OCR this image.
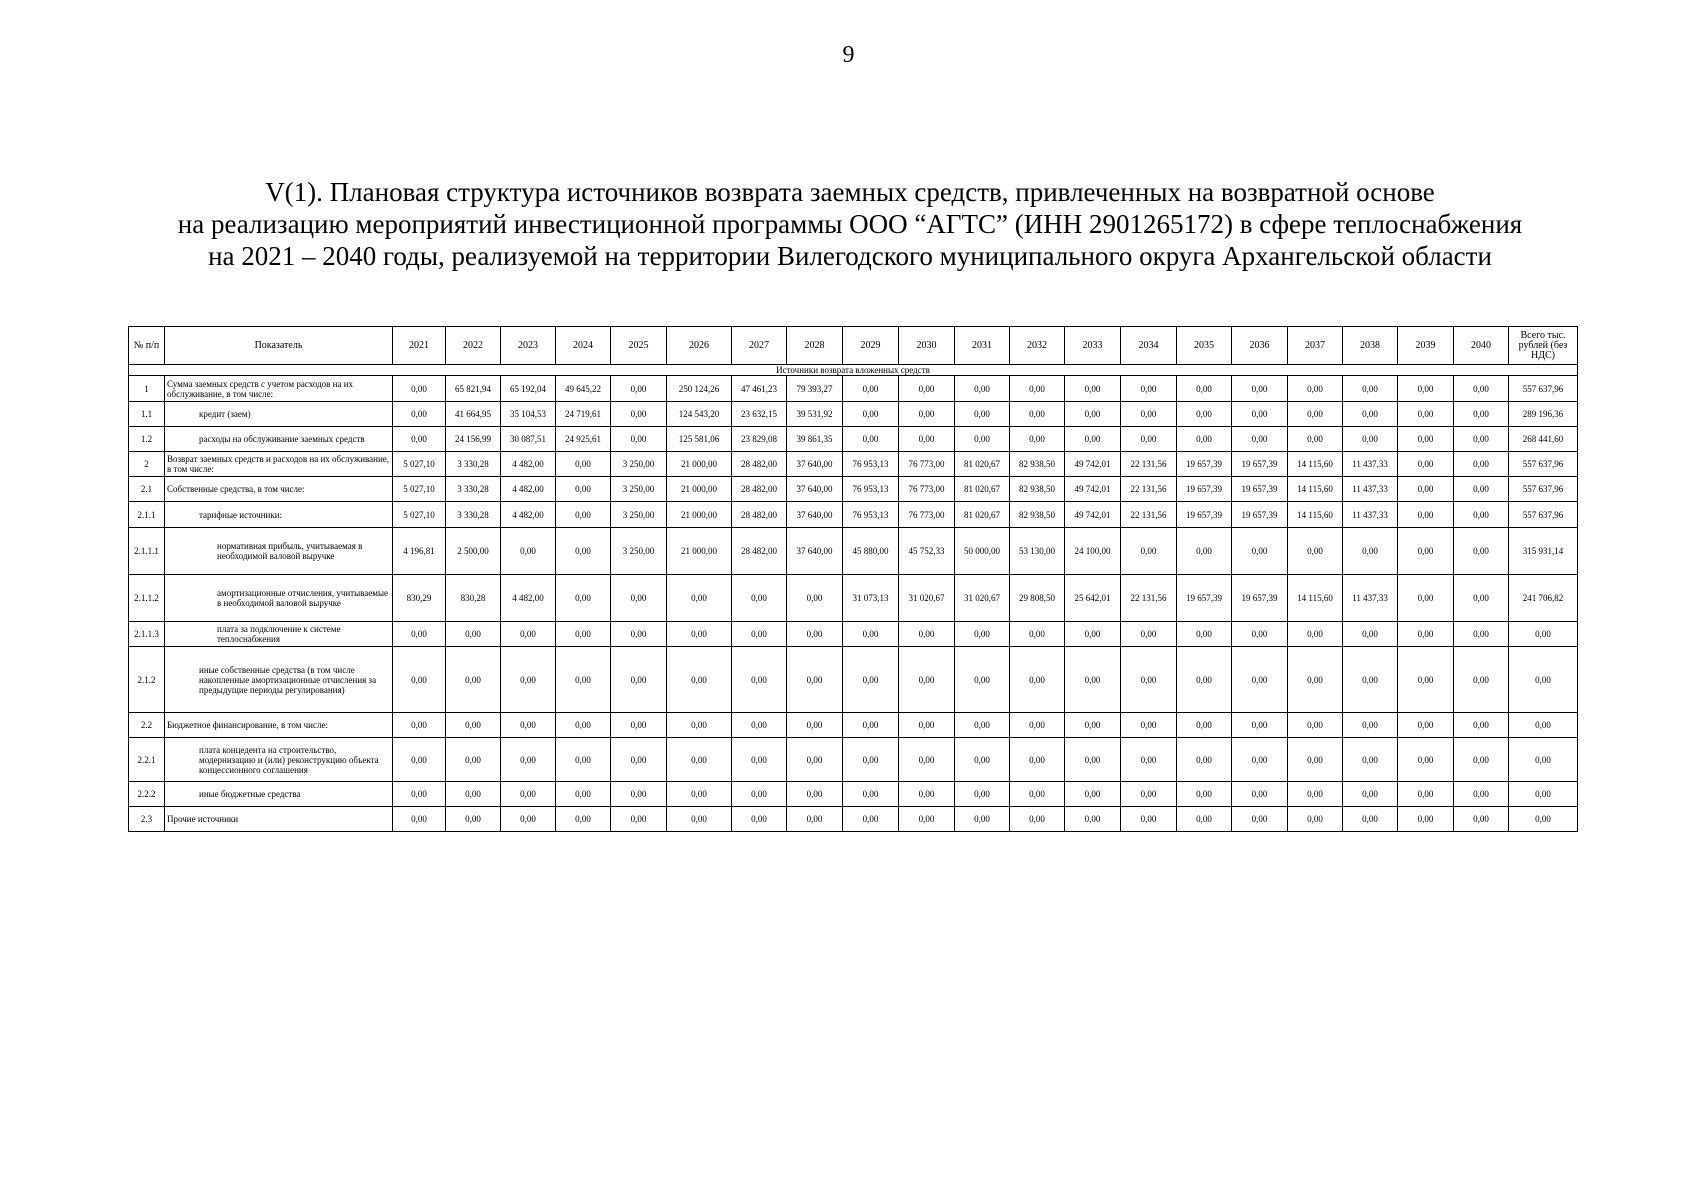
9
V(1). Плановая структура источников возврата заемных средств, привлеченных на возвратной основе
на реализацию мероприятий инвестиционной программы ООО “АГТС” (ИНН 2901265172) в сфере теплоснабжения
на 2021 – 2040 годы, реализуемой на территории Вилегодского муниципального округа Архангельской области
№ п/п	Показатель	2021	2022	2023	2024	2025	2026	2027	2028	2029	2030	2031	2032	2033	2034	2035	2036	2037	2038	2039	2040	Всего тыс. рублей (без НДС)
Источники возврата вложенных средств																						
1	Сумма заемных средств с учетом расходов на их обслуживание, в том числе:	0,00	65 821,94	65 192,04	49 645,22	0,00	250 124,26	47 461,23	79 393,27	0,00	0,00	0,00	0,00	0,00	0,00	0,00	0,00	0,00	0,00	0,00	0,00	557 637,96
1.1	кредит (заем)	0,00	41 664,95	35 104,53	24 719,61	0,00	124 543,20	23 632,15	39 531,92	0,00	0,00	0,00	0,00	0,00	0,00	0,00	0,00	0,00	0,00	0,00	0,00	289 196,36
1.2	расходы на обслуживание заемных средств	0,00	24 156,99	30 087,51	24 925,61	0,00	125 581,06	23 829,08	39 861,35	0,00	0,00	0,00	0,00	0,00	0,00	0,00	0,00	0,00	0,00	0,00	0,00	268 441,60
2	Возврат заемных средств и расходов на их обслуживание, в том числе:	5 027,10	3 330,28	4 482,00	0,00	3 250,00	21 000,00	28 482,00	37 640,00	76 953,13	76 773,00	81 020,67	82 938,50	49 742,01	22 131,56	19 657,39	19 657,39	14 115,60	11 437,33	0,00	0,00	557 637,96
2.1	Собственные средства, в том числе:	5 027,10	3 330,28	4 482,00	0,00	3 250,00	21 000,00	28 482,00	37 640,00	76 953,13	76 773,00	81 020,67	82 938,50	49 742,01	22 131,56	19 657,39	19 657,39	14 115,60	11 437,33	0,00	0,00	557 637,96
2.1.1	тарифные источники:	5 027,10	3 330,28	4 482,00	0,00	3 250,00	21 000,00	28 482,00	37 640,00	76 953,13	76 773,00	81 020,67	82 938,50	49 742,01	22 131,56	19 657,39	19 657,39	14 115,60	11 437,33	0,00	0,00	557 637,96
2.1.1.1	нормативная прибыль, учитываемая в необходимой валовой выручке	4 196,81	2 500,00	0,00	0,00	3 250,00	21 000,00	28 482,00	37 640,00	45 880,00	45 752,33	50 000,00	53 130,00	24 100,00	0,00	0,00	0,00	0,00	0,00	0,00	0,00	315 931,14
2.1.1.2	амортизационные отчисления, учитываемые в необходимой валовой выручке	830,29	830,28	4 482,00	0,00	0,00	0,00	0,00	0,00	31 073,13	31 020,67	31 020,67	29 808,50	25 642,01	22 131,56	19 657,39	19 657,39	14 115,60	11 437,33	0,00	0,00	241 706,82
2.1.1.3	плата за подключение к системе теплоснабжения	0,00	0,00	0,00	0,00	0,00	0,00	0,00	0,00	0,00	0,00	0,00	0,00	0,00	0,00	0,00	0,00	0,00	0,00	0,00	0,00	0,00
2.1.2	иные собственные средства (в том числе накопленные амортизационные отчисления за предыдущие периоды регулирования)	0,00	0,00	0,00	0,00	0,00	0,00	0,00	0,00	0,00	0,00	0,00	0,00	0,00	0,00	0,00	0,00	0,00	0,00	0,00	0,00	0,00
2.2	Бюджетное финансирование, в том числе:	0,00	0,00	0,00	0,00	0,00	0,00	0,00	0,00	0,00	0,00	0,00	0,00	0,00	0,00	0,00	0,00	0,00	0,00	0,00	0,00	0,00
2.2.1	плата концедента на строительство, модернизацию и (или) реконструкцию объекта концессионного соглашения	0,00	0,00	0,00	0,00	0,00	0,00	0,00	0,00	0,00	0,00	0,00	0,00	0,00	0,00	0,00	0,00	0,00	0,00	0,00	0,00	0,00
2.2.2	иные бюджетные средства	0,00	0,00	0,00	0,00	0,00	0,00	0,00	0,00	0,00	0,00	0,00	0,00	0,00	0,00	0,00	0,00	0,00	0,00	0,00	0,00	0,00
2.3	Прочие источники	0,00	0,00	0,00	0,00	0,00	0,00	0,00	0,00	0,00	0,00	0,00	0,00	0,00	0,00	0,00	0,00	0,00	0,00	0,00	0,00	0,00
